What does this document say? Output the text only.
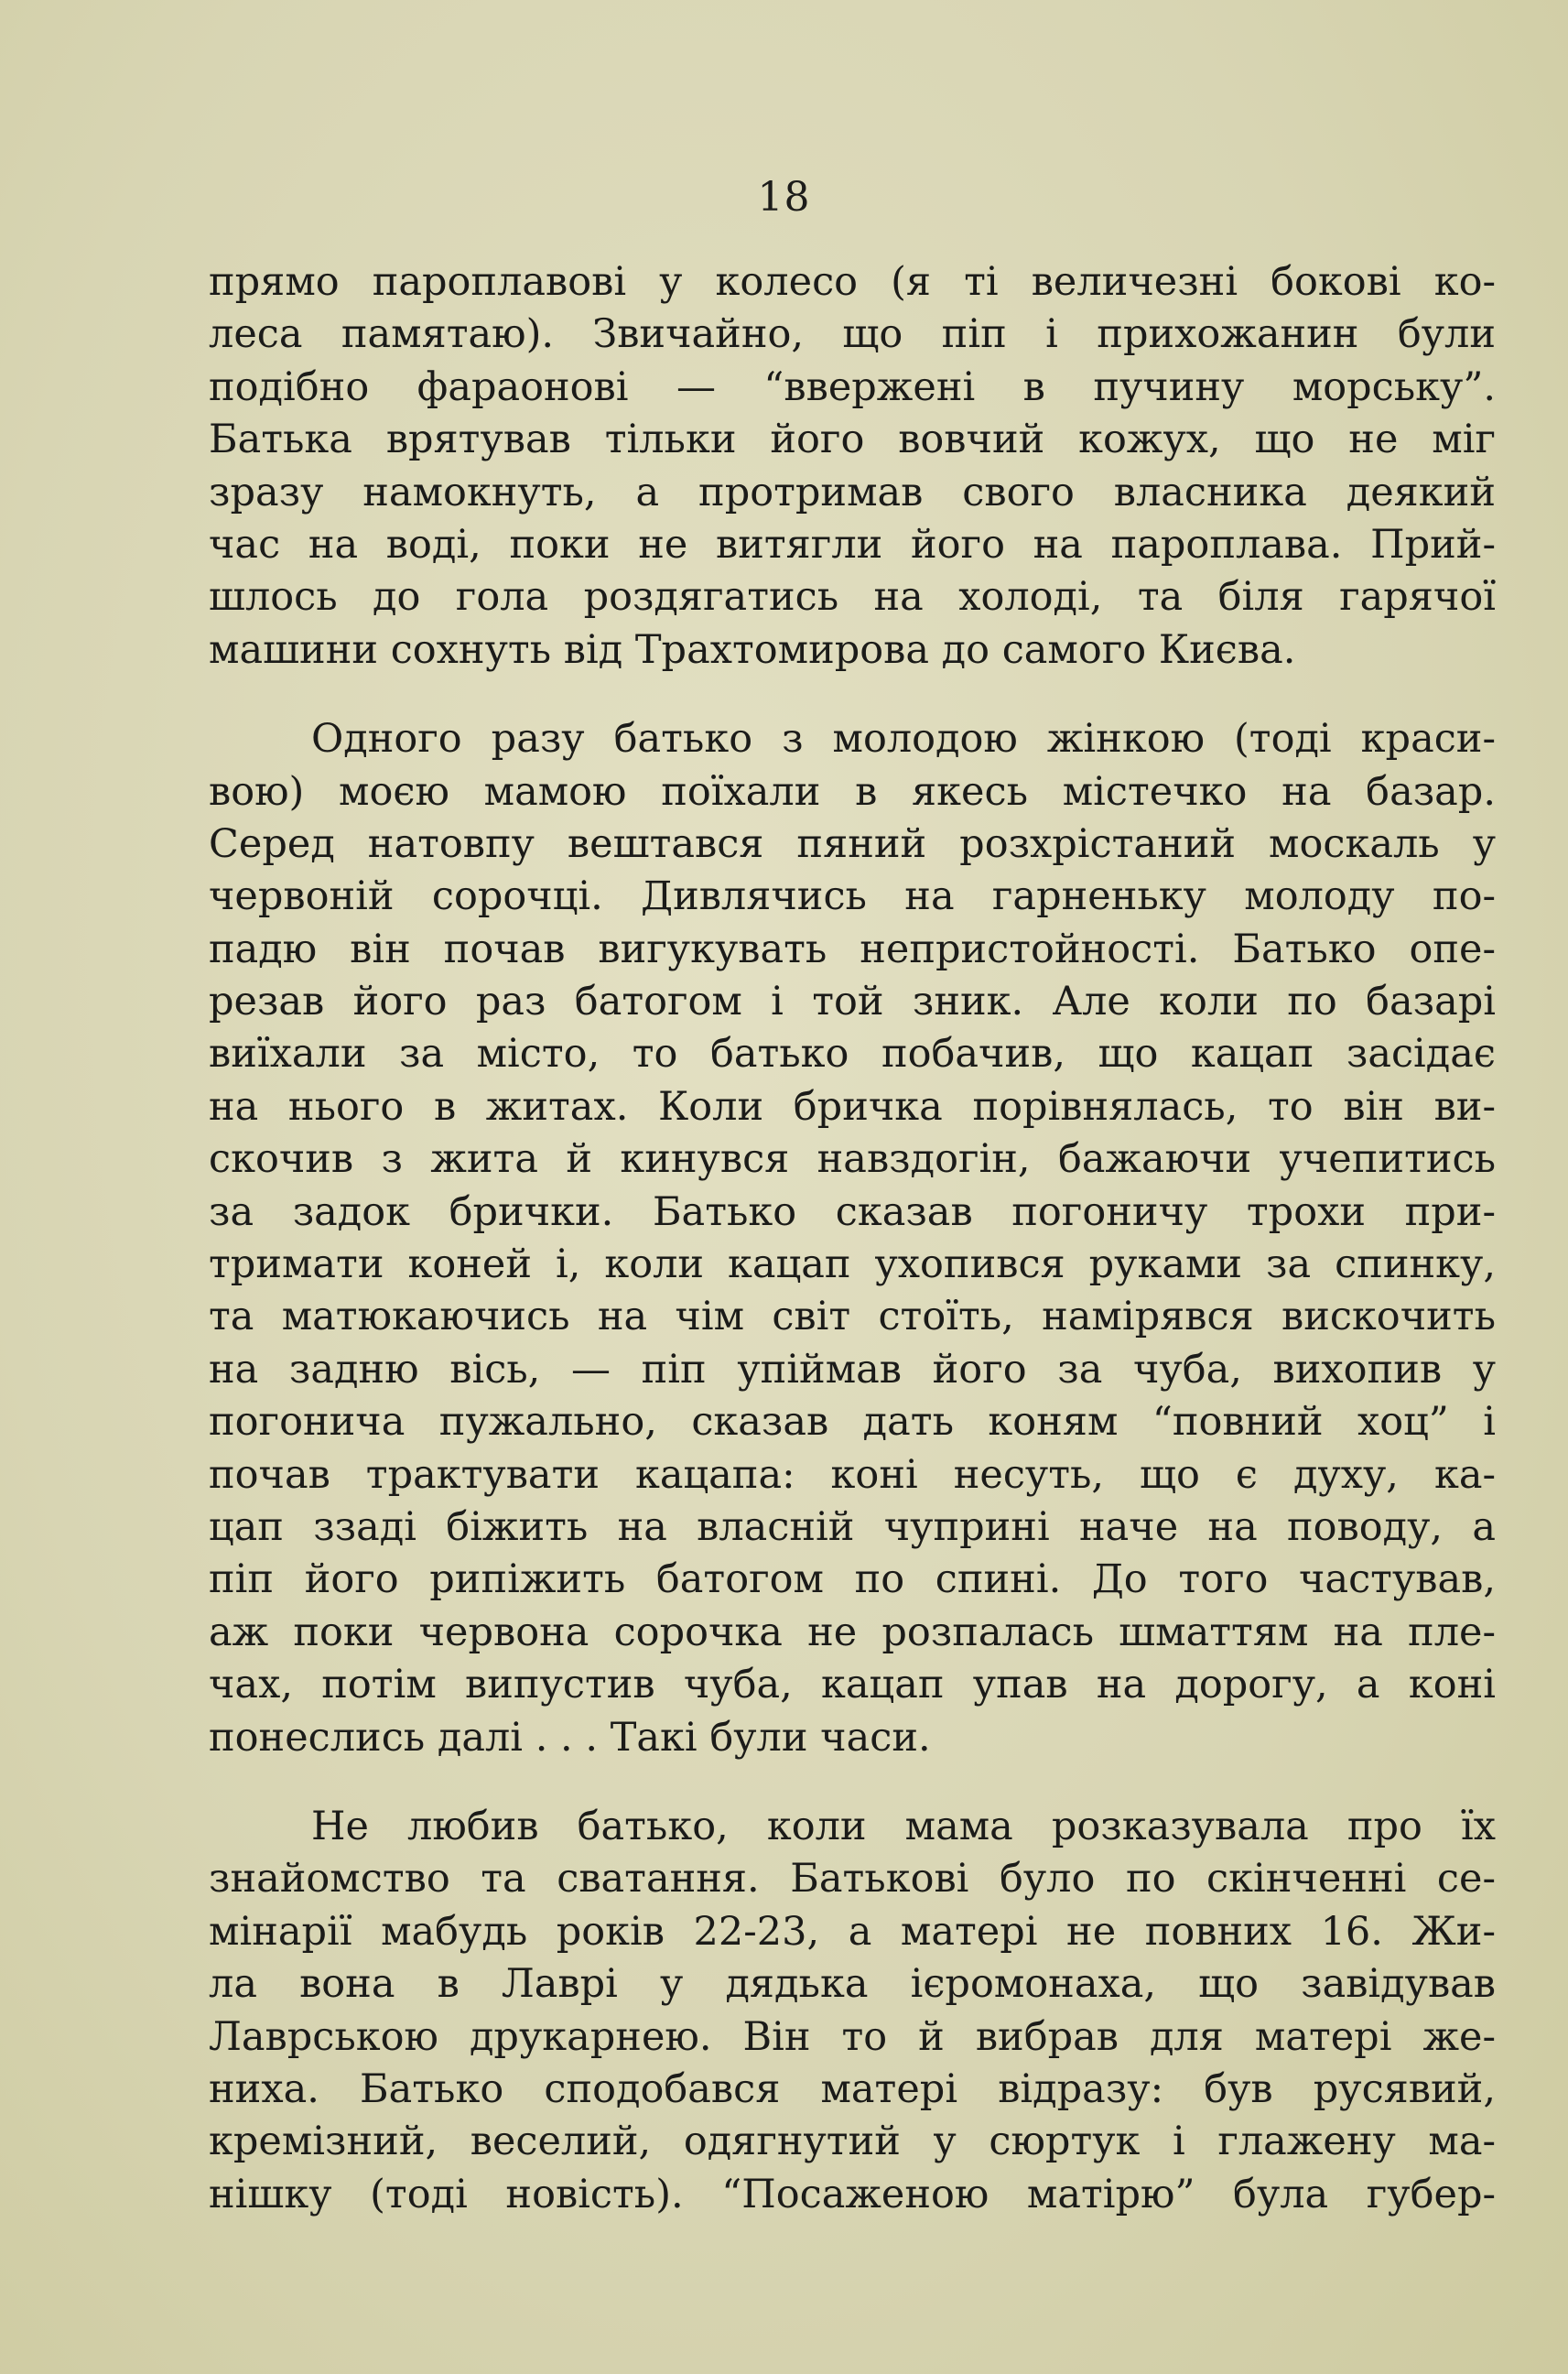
18
прямо пароплавові у колесо (я ті величезні бокові ко-
леса памятаю). Звичайно, що піп і прихожанин були
подібно фараонові — “вверженi в пучину морську”.
Батька врятував тільки його вовчий кожух, що не міг
зразу намокнуть, а протримав свого власника деякий
час на воді, поки не витягли його на пароплава. Прий-
шлось до гола роздягатись на холоді, та біля гарячої
машини сохнуть від Трахтомирова до самого Києва.
Одного разу батько з молодою жінкою (тоді краси-
вою) моєю мамою поїхали в якесь містечко на базар.
Серед натовпу вештався пяний розхрістаний москаль у
червоній сорочці. Дивлячись на гарненьку молоду по-
падю він почав вигукувать непристойності. Батько опе-
резав його раз батогом і той зник. Але коли по базарі
виїхали за місто, то батько побачив, що кацап засідає
на нього в житах. Коли бричка порівнялась, то він ви-
скочив з жита й кинувся навздогін, бажаючи учепитись
за задок брички. Батько сказав погоничу трохи при-
тримати коней і, коли кацап ухопився руками за спинку,
та матюкаючись на чім світ стоїть, намірявся вискочить
на задню вісь, — піп упіймав його за чуба, вихопив у
погонича пужально, сказав дать коням “повний хоц” і
почав трактувати кацапа: коні несуть, що є духу, ка-
цап ззаді біжить на власній чуприні наче на поводу, а
піп його рипіжить батогом по спині. До того частував,
аж поки червона сорочка не розпалась шматтям на пле-
чах, потім випустив чуба, кацап упав на дорогу, а коні
понеслись далі . . . Такі були часи.
Не любив батько, коли мама розказувала про їх
знайомство та сватання. Батькові було по скінченні се-
мінарії мабудь років 22-23, а матері не повних 16. Жи-
ла вона в Лаврі у дядька ієромонаха, що завідував
Лаврською друкарнею. Він то й вибрав для матері же-
ниха. Батько сподобався матері відразу: був русявий,
кремізний, веселий, одягнутий у сюртук і глажену ма-
нішку (тоді новість). “Посаженою матірю” була губер-
